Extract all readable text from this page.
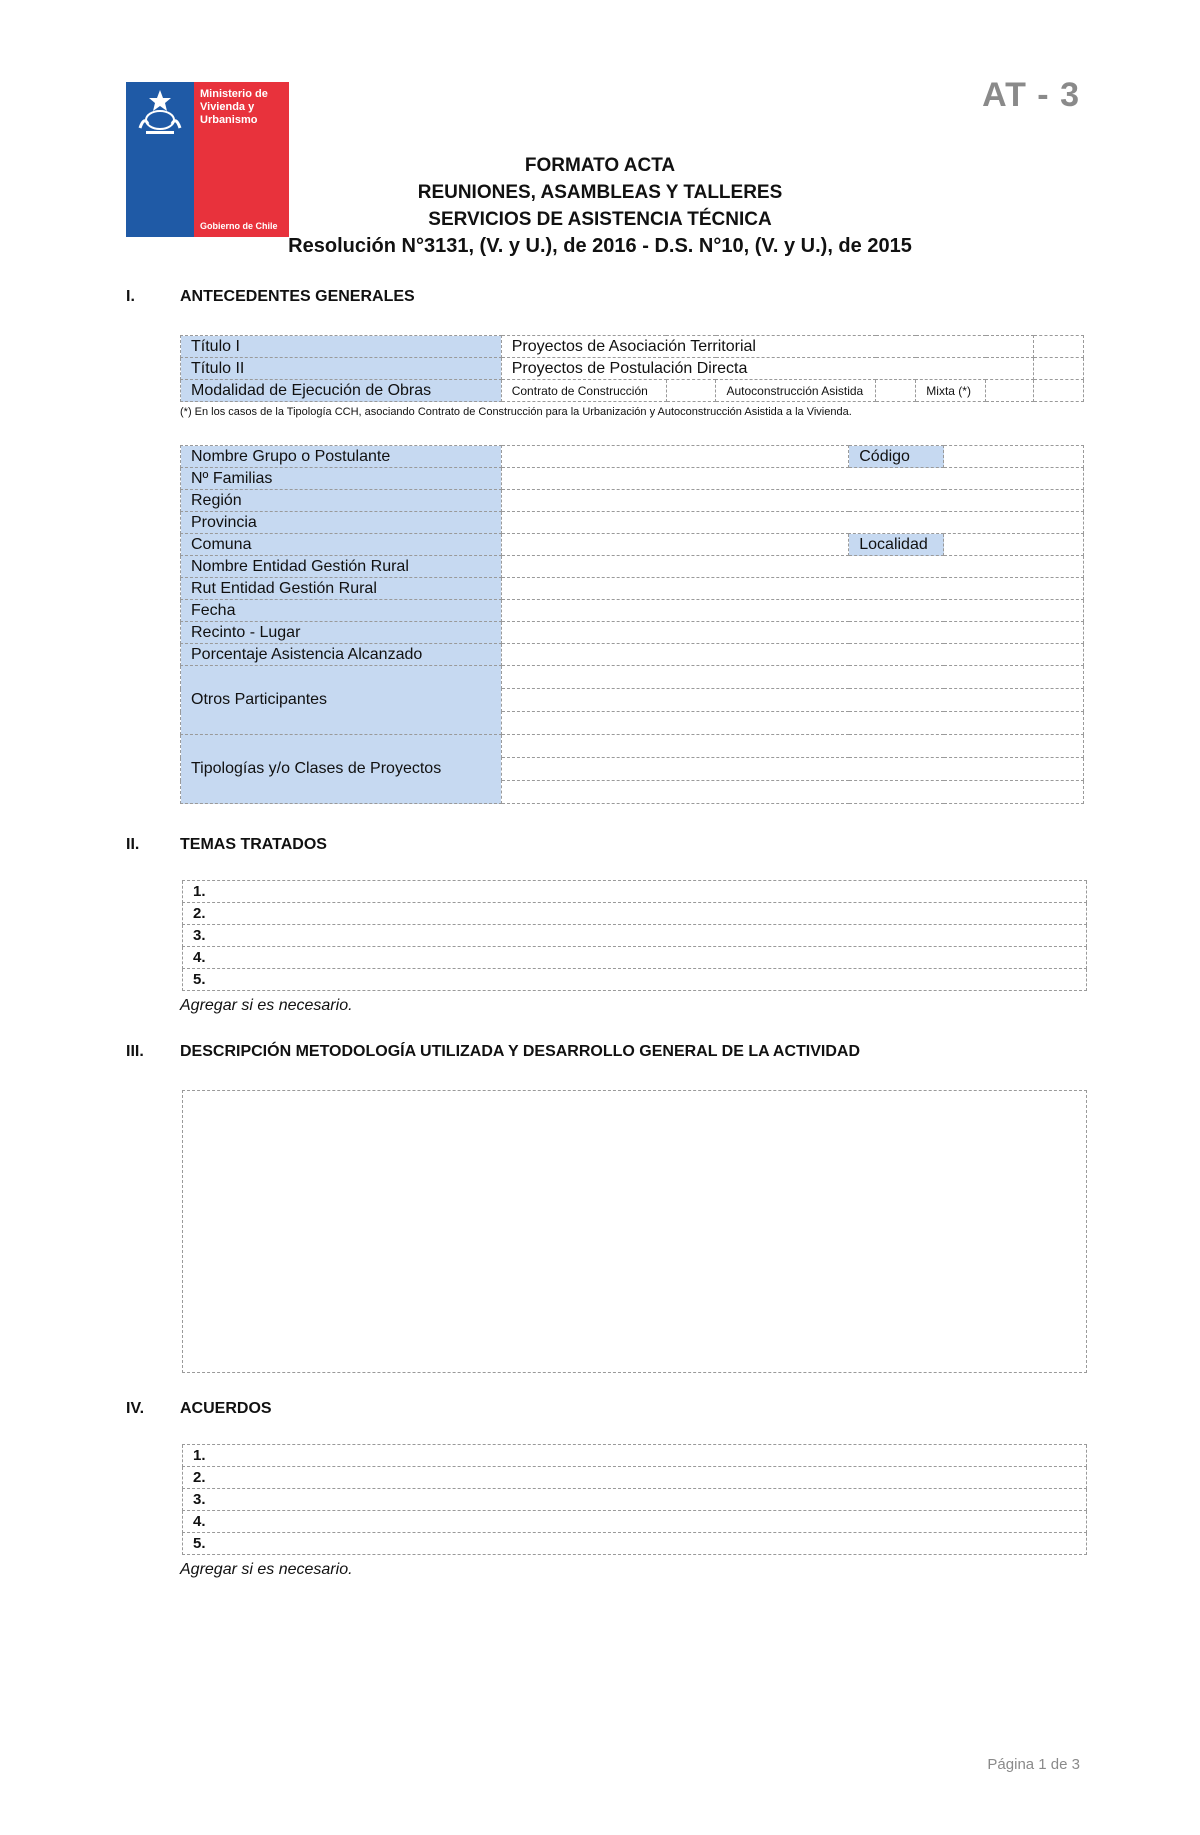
Ministerio de Vivienda y Urbanismo
Gobierno de Chile
AT - 3
FORMATO ACTA
REUNIONES, ASAMBLEAS Y TALLERES
SERVICIOS DE ASISTENCIA TÉCNICA
Resolución N°3131, (V. y U.), de 2016 - D.S. N°10, (V. y U.), de 2015
I.	ANTECEDENTES GENERALES
Título I	Proyectos de Asociación Territorial						
Título II	Proyectos de Postulación Directa						
Modalidad de Ejecución de Obras	Contrato de Construcción		Autoconstrucción Asistida		Mixta (*)		
(*) En los casos de la Tipología CCH, asociando Contrato de Construcción para la Urbanización y Autoconstrucción Asistida a la Vivienda.
Nombre Grupo o Postulante		Código	
Nº Familias			
Región			
Provincia			
Comuna		Localidad	
Nombre Entidad Gestión Rural			
Rut Entidad Gestión Rural			
Fecha			
Recinto - Lugar			
Porcentaje Asistencia Alcanzado			
Otros Participantes			

Tipologías y/o Clases de Proyectos			

II.	TEMAS TRATADOS
1.
2.
3.
4.
5.
Agregar si es necesario.
III. DESCRIPCIÓN METODOLOGÍA UTILIZADA Y DESARROLLO GENERAL DE LA ACTIVIDAD
IV. ACUERDOS
1.
2.
3.
4.
5.
Agregar si es necesario.
Página 1 de 3
